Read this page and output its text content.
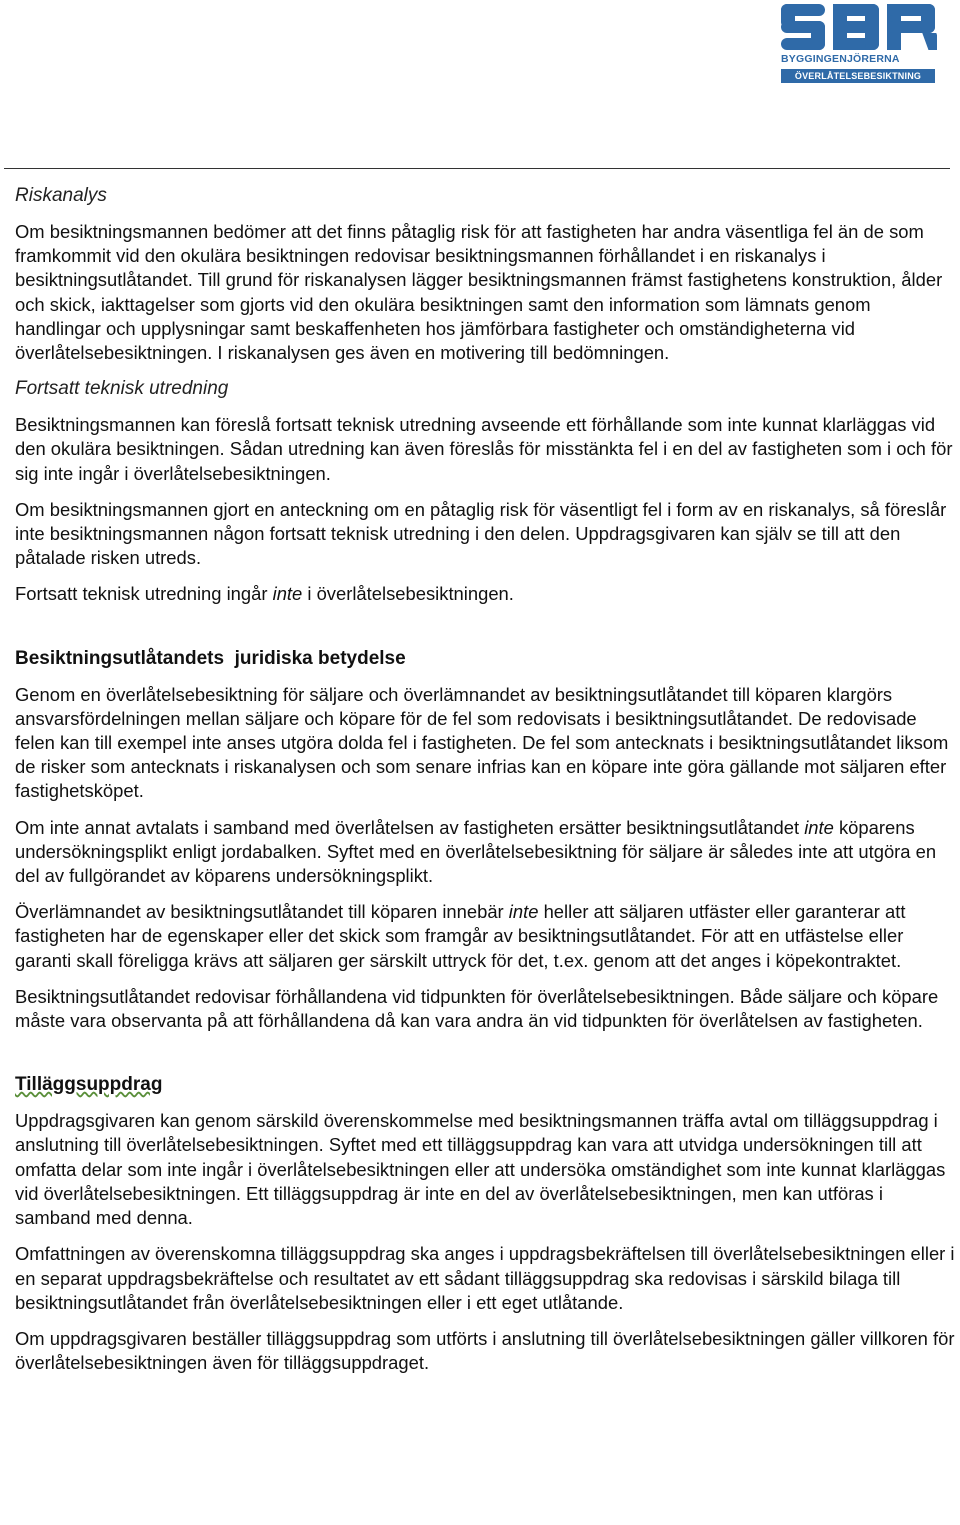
BYGGINGENJÖRERNA
ÖVERLÅTELSEBESIKTNING
Riskanalys

Om besiktningsmannen bedömer att det finns påtaglig risk för att fastigheten har andra väsentliga fel än de som framkommit vid den okulära besiktningen redovisar besiktningsmannen förhållandet i en riskanalys i besiktningsutlåtandet. Till grund för riskanalysen lägger besiktningsmannen främst fastighetens konstruktion, ålder och skick, iakttagelser som gjorts vid den okulära besiktningen samt den information som lämnats genom handlingar och upplysningar samt beskaffenheten hos jämförbara fastigheter och omständigheterna vid överlåtelsebesiktningen. I riskanalysen ges även en motivering till bedömningen.

Fortsatt teknisk utredning

Besiktningsmannen kan föreslå fortsatt teknisk utredning avseende ett förhållande som inte kunnat klarläggas vid den okulära besiktningen. Sådan utredning kan även föreslås för misstänkta fel i en del av fastigheten som i och för sig inte ingår i överlåtelsebesiktningen.

Om besiktningsmannen gjort en anteckning om en påtaglig risk för väsentligt fel i form av en riskanalys, så föreslår inte besiktningsmannen någon fortsatt teknisk utredning i den delen. Uppdragsgivaren kan själv se till att den påtalade risken utreds.

Fortsatt teknisk utredning ingår inte i överlåtelsebesiktningen.

Besiktningsutlåtandets  juridiska betydelse

Genom en överlåtelsebesiktning för säljare och överlämnandet av besiktningsutlåtandet till köparen klargörs ansvarsfördelningen mellan säljare och köpare för de fel som redovisats i besiktningsutlåtandet. De redovisade felen kan till exempel inte anses utgöra dolda fel i fastigheten. De fel som antecknats i besiktningsutlåtandet liksom de risker som antecknats i riskanalysen och som senare infrias kan en köpare inte göra gällande mot säljaren efter fastighetsköpet.

Om inte annat avtalats i samband med överlåtelsen av fastigheten ersätter besiktningsutlåtandet inte köparens undersökningsplikt enligt jordabalken. Syftet med en överlåtelsebesiktning för säljare är således inte att utgöra en del av fullgörandet av köparens undersökningsplikt.

Överlämnandet av besiktningsutlåtandet till köparen innebär inte heller att säljaren utfäster eller garanterar att fastigheten har de egenskaper eller det skick som framgår av besiktningsutlåtandet. För att en utfästelse eller garanti skall föreligga krävs att säljaren ger särskilt uttryck för det, t.ex. genom att det anges i köpekontraktet.

Besiktningsutlåtandet redovisar förhållandena vid tidpunkten för överlåtelsebesiktningen. Både säljare och köpare måste vara observanta på att förhållandena då kan vara andra än vid tidpunkten för överlåtelsen av fastigheten.

Tilläggsuppdrag

Uppdragsgivaren kan genom särskild överenskommelse med besiktningsmannen träffa avtal om tilläggsuppdrag i anslutning till överlåtelsebesiktningen. Syftet med ett tilläggsuppdrag kan vara att utvidga undersökningen till att omfatta delar som inte ingår i överlåtelsebesiktningen eller att undersöka omständighet som inte kunnat klarläggas vid överlåtelsebesiktningen. Ett tilläggsuppdrag är inte en del av överlåtelsebesiktningen, men kan utföras i samband med denna.

Omfattningen av överenskomna tilläggsuppdrag ska anges i uppdragsbekräftelsen till överlåtelsebesiktningen eller i en separat uppdragsbekräftelse och resultatet av ett sådant tilläggsuppdrag ska redovisas i särskild bilaga till besiktningsutlåtandet från överlåtelsebesiktningen eller i ett eget utlåtande.

Om uppdragsgivaren beställer tilläggsuppdrag som utförts i anslutning till överlåtelsebesiktningen gäller villkoren för överlåtelsebesiktningen även för tilläggsuppdraget.
